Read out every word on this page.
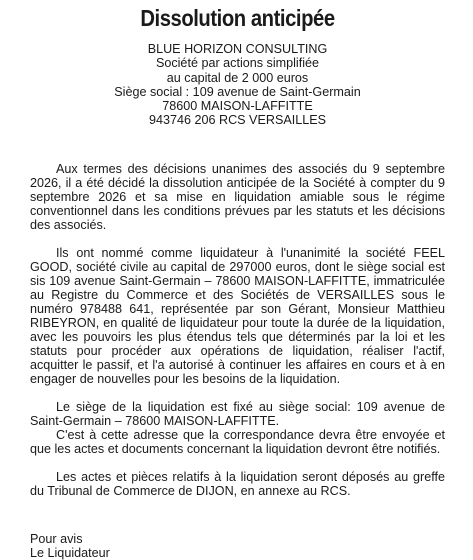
Dissolution anticipée
BLUE HORIZON CONSULTING
Société par actions simplifiée
au capital de 2 000 euros
Siège social : 109 avenue de Saint-Germain
78600 MAISON-LAFFITTE
943746 206 RCS VERSAILLES

Aux termes des décisions unanimes des associés du 9 septembre 2026, il a été décidé la dissolution anticipée de la Société à compter du 9 septembre 2026 et sa mise en liquidation amiable sous le régime conventionnel dans les conditions prévues par les statuts et les décisions des associés.

Ils ont nommé comme liquidateur à l'unanimité la société FEEL GOOD, société civile au capital de 297000 euros, dont le siège social est sis 109 avenue Saint-Germain – 78600 MAISON-LAFFITTE, immatriculée au Registre du Commerce et des Sociétés de VERSAILLES sous le numéro 978488 641, représentée par son Gérant, Monsieur Matthieu RIBEYRON, en qualité de liquidateur pour toute la durée de la liquidation, avec les pouvoirs les plus étendus tels que déterminés par la loi et les statuts pour procéder aux opérations de liquidation, réaliser l'actif, acquitter le passif, et l'a autorisé à continuer les affaires en cours et à en engager de nouvelles pour les besoins de la liquidation.

Le siège de la liquidation est fixé au siège social: 109 avenue de Saint-Germain – 78600 MAISON-LAFFITTE.

C'est à cette adresse que la correspondance devra être envoyée et que les actes et documents concernant la liquidation devront être notifiés.

Les actes et pièces relatifs à la liquidation seront déposés au greffe du Tribunal de Commerce de DIJON, en annexe au RCS.

Pour avis
Le Liquidateur
